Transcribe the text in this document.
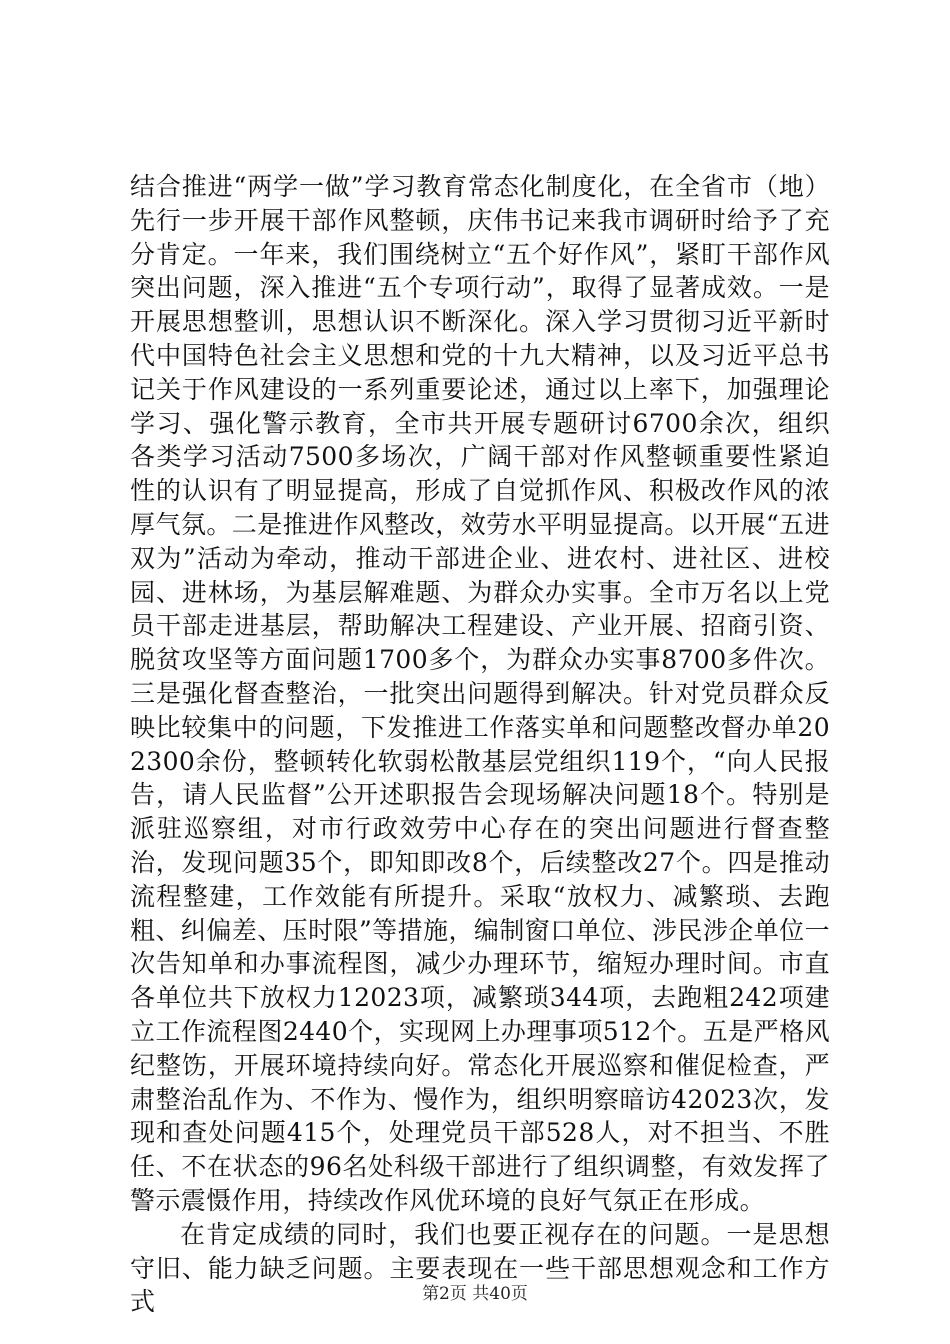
结合推进“两学一做”学习教育常态化制度化，在全省市（地）先行一步开展干部作风整顿，庆伟书记来我市调研时给予了充分肯定。一年来，我们围绕树立“五个好作风”，紧盯干部作风突出问题，深入推进“五个专项行动”，取得了显著成效。一是开展思想整训，思想认识不断深化。深入学习贯彻习近平新时代中国特色社会主义思想和党的十九大精神，以及习近平总书记关于作风建设的一系列重要论述，通过以上率下，加强理论学习、强化警示教育，全市共开展专题研讨6700余次，组织各类学习活动7500多场次，广阔干部对作风整顿重要性紧迫性的认识有了明显提高，形成了自觉抓作风、积极改作风的浓厚气氛。二是推进作风整改，效劳水平明显提高。以开展“五进双为”活动为牵动，推动干部进企业、进农村、进社区、进校园、进林场，为基层解难题、为群众办实事。全市万名以上党员干部走进基层，帮助解决工程建设、产业开展、招商引资、脱贫攻坚等方面问题1700多个，为群众办实事8700多件次。三是强化督查整治，一批突出问题得到解决。针对党员群众反映比较集中的问题，下发推进工作落实单和问题整改督办单202300余份，整顿转化软弱松散基层党组织119个，“向人民报告，请人民监督”公开述职报告会现场解决问题18个。特别是派驻巡察组，对市行政效劳中心存在的突出问题进行督查整治，发现问题35个，即知即改8个，后续整改27个。四是推动流程整建，工作效能有所提升。采取“放权力、减繁琐、去跑粗、纠偏差、压时限”等措施，编制窗口单位、涉民涉企单位一次告知单和办事流程图，减少办理环节，缩短办理时间。市直各单位共下放权力12023项，减繁琐344项，去跑粗242项建立工作流程图2440个，实现网上办理事项512个。五是严格风纪整饬，开展环境持续向好。常态化开展巡察和催促检查，严肃整治乱作为、不作为、慢作为，组织明察暗访42023次，发现和查处问题415个，处理党员干部528人，对不担当、不胜任、不在状态的96名处科级干部进行了组织调整，有效发挥了警示震慑作用，持续改作风优环境的良好气氛正在形成。

在肯定成绩的同时，我们也要正视存在的问题。一是思想守旧、能力缺乏问题。主要表现在一些干部思想观念和工作方式	第2页 共40页
